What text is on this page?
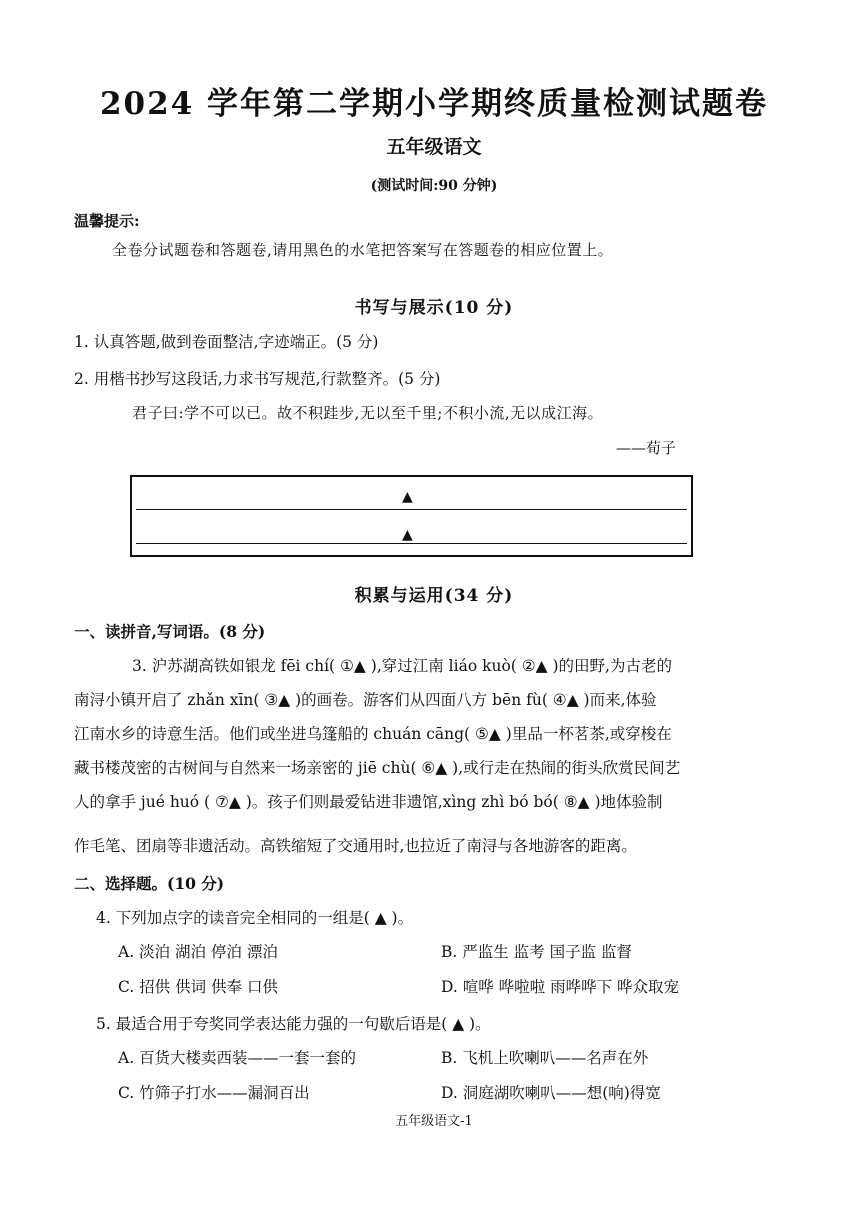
2024 学年第二学期小学期终质量检测试题卷
五年级语文
(测试时间:90 分钟)
温馨提示:
全卷分试题卷和答题卷,请用黑色的水笔把答案写在答题卷的相应位置上。
书写与展示(10 分)
1. 认真答题,做到卷面整洁,字迹端正。(5 分)
2. 用楷书抄写这段话,力求书写规范,行款整齐。(5 分)
君子曰:学不可以已。故不积跬步,无以至千里;不积小流,无以成江海。
——荀子
▲
▲
积累与运用(34 分)
一、读拼音,写词语。(8 分)
3. 沪苏湖高铁如银龙 fēi chí( ①▲ ),穿过江南 liáo kuò( ②▲ )的田野,为古老的
南浔小镇开启了 zhǎn xīn( ③▲ )的画卷。游客们从四面八方 bēn fù( ④▲ )而来,体验
江南水乡的诗意生活。他们或坐进乌篷船的 chuán cāng( ⑤▲ )里品一杯茗茶,或穿梭在
藏书楼茂密的古树间与自然来一场亲密的 jiē chù( ⑥▲ ),或行走在热闹的街头欣赏民间艺
人的拿手 jué huó ( ⑦▲ )。孩子们则最爱钻进非遗馆,xìng zhì bó bó( ⑧▲ )地体验制
作毛笔、团扇等非遗活动。高铁缩短了交通用时,也拉近了南浔与各地游客的距离。
二、选择题。(10 分)
4. 下列加点字的读音完全相同的一组是( ▲ )。
A. 淡泊 湖泊 停泊 漂泊	B. 严监生 监考 国子监 监督
C. 招供 供词 供奉 口供	D. 喧哗 哗啦啦 雨哗哗下 哗众取宠
5. 最适合用于夸奖同学表达能力强的一句歇后语是( ▲ )。
A. 百货大楼卖西装——一套一套的	B. 飞机上吹喇叭——名声在外
C. 竹筛子打水——漏洞百出	D. 洞庭湖吹喇叭——想(响)得宽
五年级语文-1
